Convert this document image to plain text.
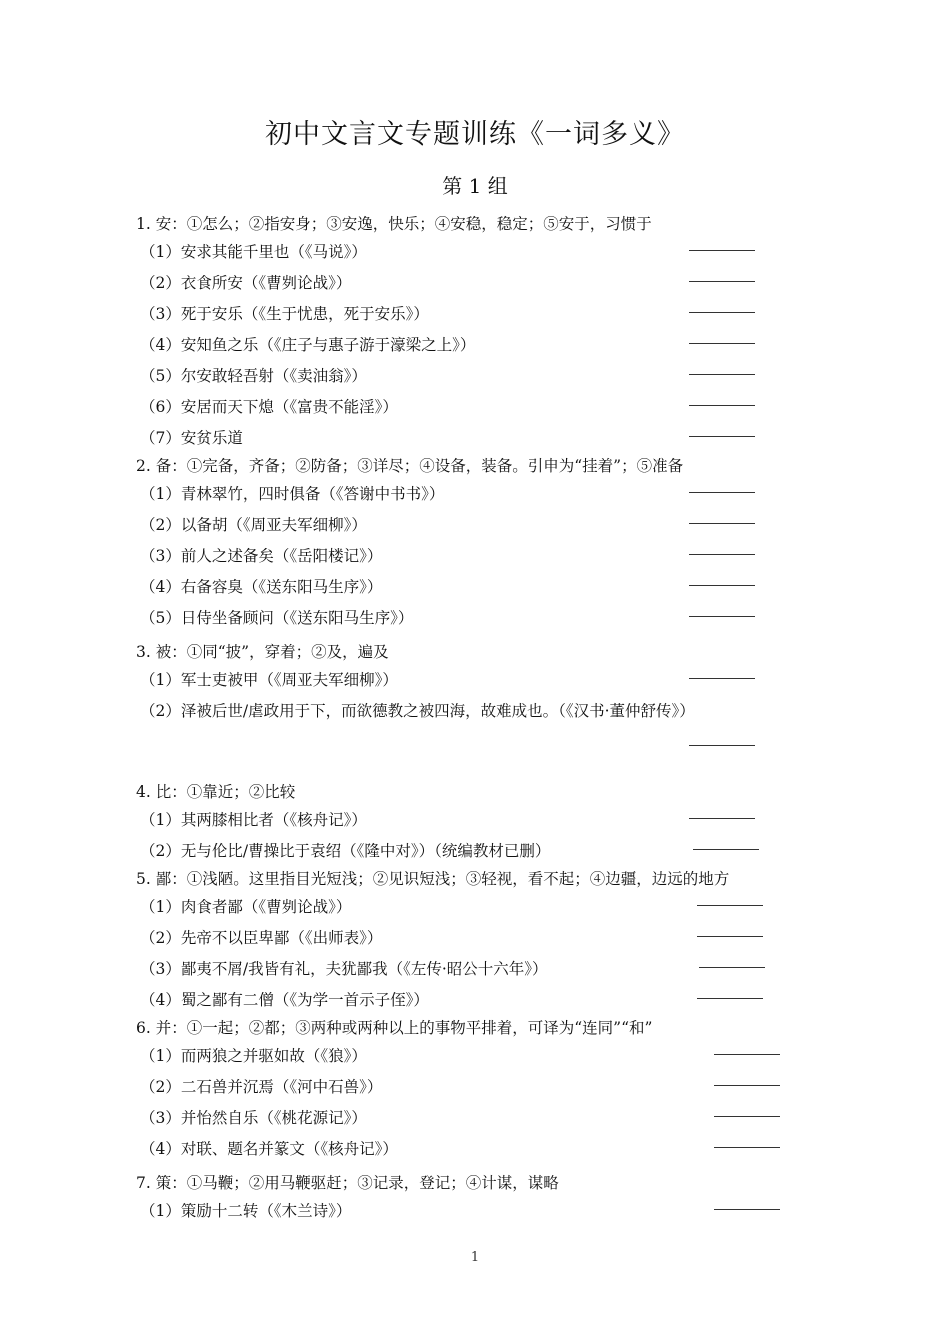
初中文言文专题训练《一词多义》
第 1 组
1. 安：①怎么；②指安身；③安逸，快乐；④安稳，稳定；⑤安于，习惯于
（1）安求其能千里也（《马说》）
（2）衣食所安（《曹刿论战》）
（3）死于安乐（《生于忧患，死于安乐》）
（4）安知鱼之乐（《庄子与惠子游于濠梁之上》）
（5）尔安敢轻吾射（《卖油翁》）
（6）安居而天下熄（《富贵不能淫》）
（7）安贫乐道
2. 备：①完备，齐备；②防备；③详尽；④设备，装备。引申为“挂着”；⑤准备
（1）青林翠竹，四时俱备（《答谢中书书》）
（2）以备胡（《周亚夫军细柳》）
（3）前人之述备矣（《岳阳楼记》）
（4）右备容臭（《送东阳马生序》）
（5）日侍坐备顾问（《送东阳马生序》）
3. 被：①同“披”，穿着；②及，遍及
（1）军士吏被甲（《周亚夫军细柳》）
（2）泽被后世/虐政用于下，而欲德教之被四海，故难成也。（《汉书·董仲舒传》）
4. 比：①靠近；②比较
（1）其两膝相比者（《核舟记》）
（2）无与伦比/曹操比于袁绍（《隆中对》）（统编教材已删）
5. 鄙：①浅陋。这里指目光短浅；②见识短浅；③轻视，看不起；④边疆，边远的地方
（1）肉食者鄙（《曹刿论战》）
（2）先帝不以臣卑鄙（《出师表》）
（3）鄙夷不屑/我皆有礼，夫犹鄙我（《左传·昭公十六年》）
（4）蜀之鄙有二僧（《为学一首示子侄》）
6. 并：①一起；②都；③两种或两种以上的事物平排着，可译为“连同”“和”
（1）而两狼之并驱如故（《狼》）
（2）二石兽并沉焉（《河中石兽》）
（3）并怡然自乐（《桃花源记》）
（4）对联、题名并篆文（《核舟记》）
7. 策：①马鞭；②用马鞭驱赶；③记录，登记；④计谋，谋略
（1）策励十二转（《木兰诗》）
1
